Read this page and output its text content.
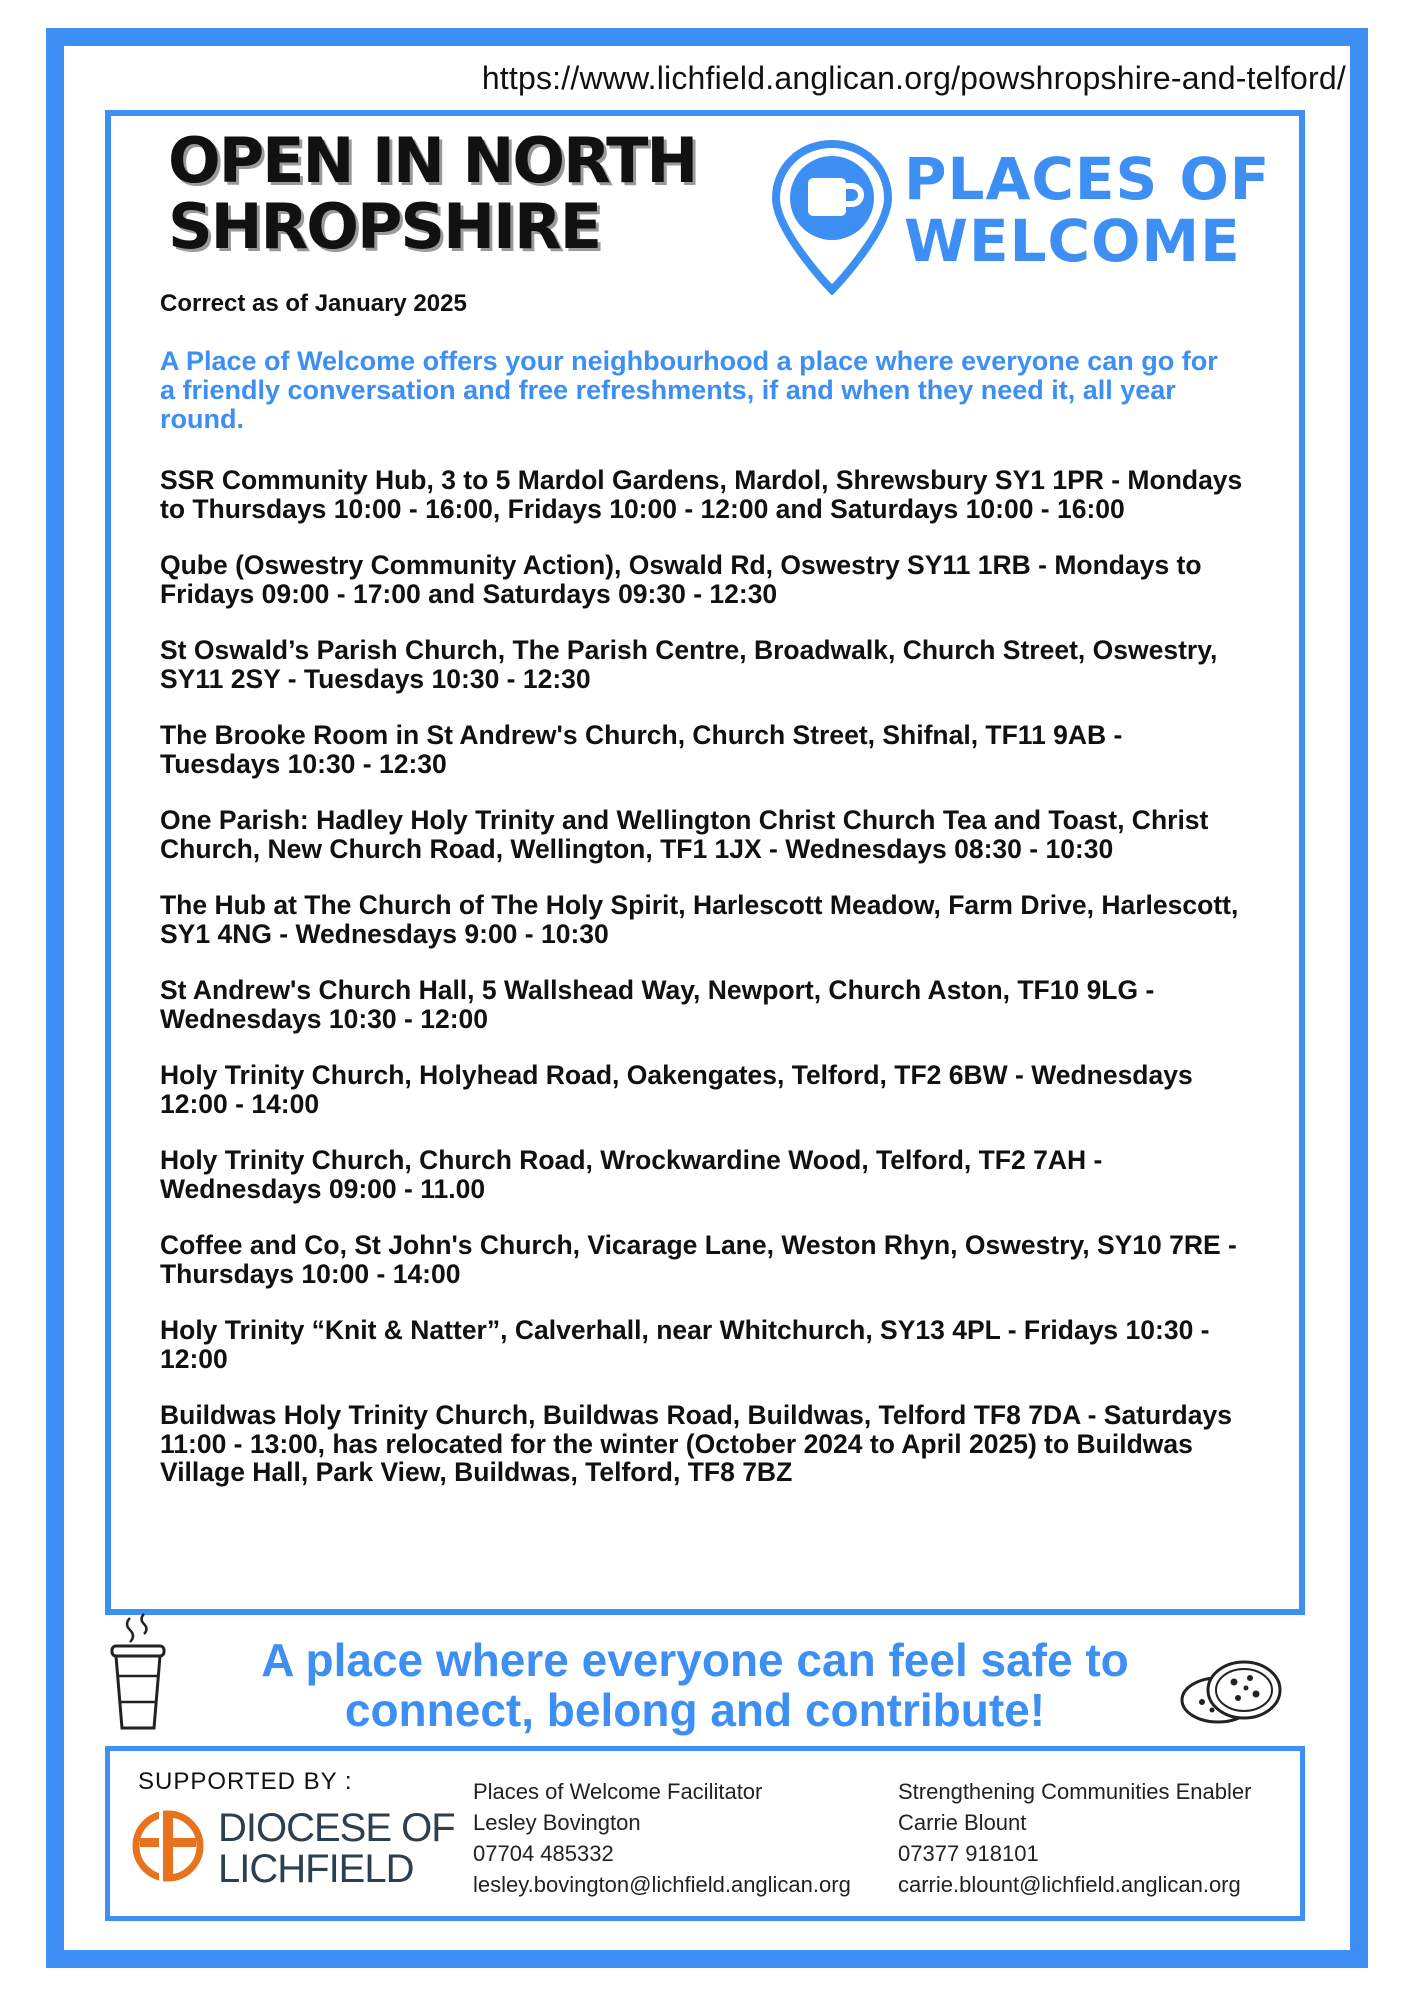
https://www.lichfield.anglican.org/powshropshire-and-telford/
OPEN IN NORTH
SHROPSHIRE
PLACES OF
WELCOME
Correct as of January 2025

A Place of Welcome offers your neighbourhood a place where everyone can go for a friendly conversation and free refreshments, if and when they need it, all year round.

SSR Community Hub, 3 to 5 Mardol Gardens, Mardol, Shrewsbury SY1 1PR - Mondays to Thursdays 10:00 - 16:00, Fridays 10:00 - 12:00 and Saturdays 10:00 - 16:00
Qube (Oswestry Community Action), Oswald Rd, Oswestry SY11 1RB - Mondays to Fridays 09:00 - 17:00 and Saturdays 09:30 - 12:30
St Oswald’s Parish Church, The Parish Centre, Broadwalk, Church Street, Oswestry, SY11 2SY - Tuesdays 10:30 - 12:30
The Brooke Room in St Andrew's Church, Church Street, Shifnal, TF11 9AB - Tuesdays 10:30 - 12:30
One Parish: Hadley Holy Trinity and Wellington Christ Church Tea and Toast, Christ Church, New Church Road, Wellington, TF1 1JX - Wednesdays 08:30 - 10:30
The Hub at The Church of The Holy Spirit, Harlescott Meadow, Farm Drive, Harlescott, SY1 4NG - Wednesdays 9:00 - 10:30
St Andrew's Church Hall, 5 Wallshead Way, Newport, Church Aston, TF10 9LG - Wednesdays 10:30 - 12:00
Holy Trinity Church, Holyhead Road, Oakengates, Telford, TF2 6BW - Wednesdays 12:00 - 14:00
Holy Trinity Church, Church Road, Wrockwardine Wood, Telford, TF2 7AH - Wednesdays 09:00 - 11.00
Coffee and Co, St John's Church, Vicarage Lane, Weston Rhyn, Oswestry, SY10 7RE - Thursdays 10:00 - 14:00
Holy Trinity “Knit & Natter”, Calverhall, near Whitchurch, SY13 4PL - Fridays 10:30 - 12:00
Buildwas Holy Trinity Church, Buildwas Road, Buildwas, Telford TF8 7DA - Saturdays 11:00 - 13:00, has relocated for the winter (October 2024 to April 2025) to Buildwas Village Hall, Park View, Buildwas, Telford, TF8 7BZ
A place where everyone can feel safe to
connect, belong and contribute!
SUPPORTED BY :
DIOCESE OF
LICHFIELD
Places of Welcome Facilitator
Lesley Bovington
07704 485332
lesley.bovington@lichfield.anglican.org
Strengthening Communities Enabler
Carrie Blount
07377 918101
carrie.blount@lichfield.anglican.org
